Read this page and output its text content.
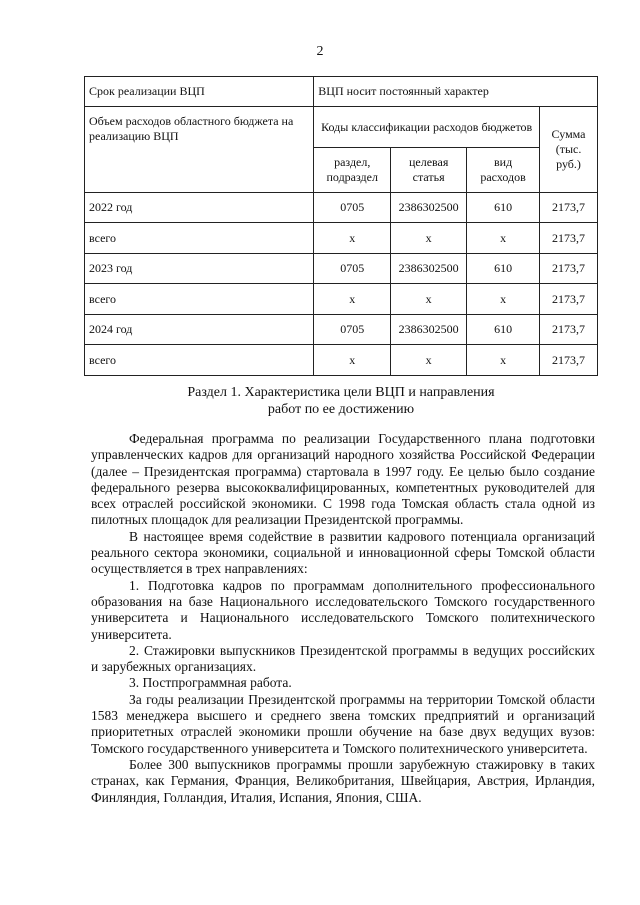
2
Срок реализации ВЦП	ВЦП носит постоянный характер			
Объем расходов областного бюджета на реализацию ВЦП	Коды классификации расходов бюджетов			Сумма (тыс. руб.)
	раздел, подраздел	целевая статья	вид расходов	
2022 год	0705	2386302500	610	2173,7
всего	х	х	х	2173,7
2023 год	0705	2386302500	610	2173,7
всего	х	х	х	2173,7
2024 год	0705	2386302500	610	2173,7
всего	х	х	х	2173,7
Раздел 1. Характеристика цели ВЦП и направления
работ по ее достижению

Федеральная программа по реализации Государственного плана подготовки управленческих кадров для организаций народного хозяйства Российской Федерации (далее – Президентская программа) стартовала в 1997 году. Ее целью было создание федерального резерва высококвалифицированных, компетентных руководителей для всех отраслей российской экономики. С 1998 года Томская область стала одной из пилотных площадок для реализации Президентской программы.

В настоящее время содействие в развитии кадрового потенциала организаций реального сектора экономики, социальной и инновационной сферы Томской области осуществляется в трех направлениях:

1. Подготовка кадров по программам дополнительного профессионального образования на базе Национального исследовательского Томского государственного университета и Национального исследовательского Томского политехнического университета.

2. Стажировки выпускников Президентской программы в ведущих российских и зарубежных организациях.

3. Постпрограммная работа.

За годы реализации Президентской программы на территории Томской области 1583 менеджера высшего и среднего звена томских предприятий и организаций приоритетных отраслей экономики прошли обучение на базе двух ведущих вузов: Томского государственного университета и Томского политехнического университета.

Более 300 выпускников программы прошли зарубежную стажировку в таких странах, как Германия, Франция, Великобритания, Швейцария, Австрия, Ирландия, Финляндия, Голландия, Италия, Испания, Япония, США.
